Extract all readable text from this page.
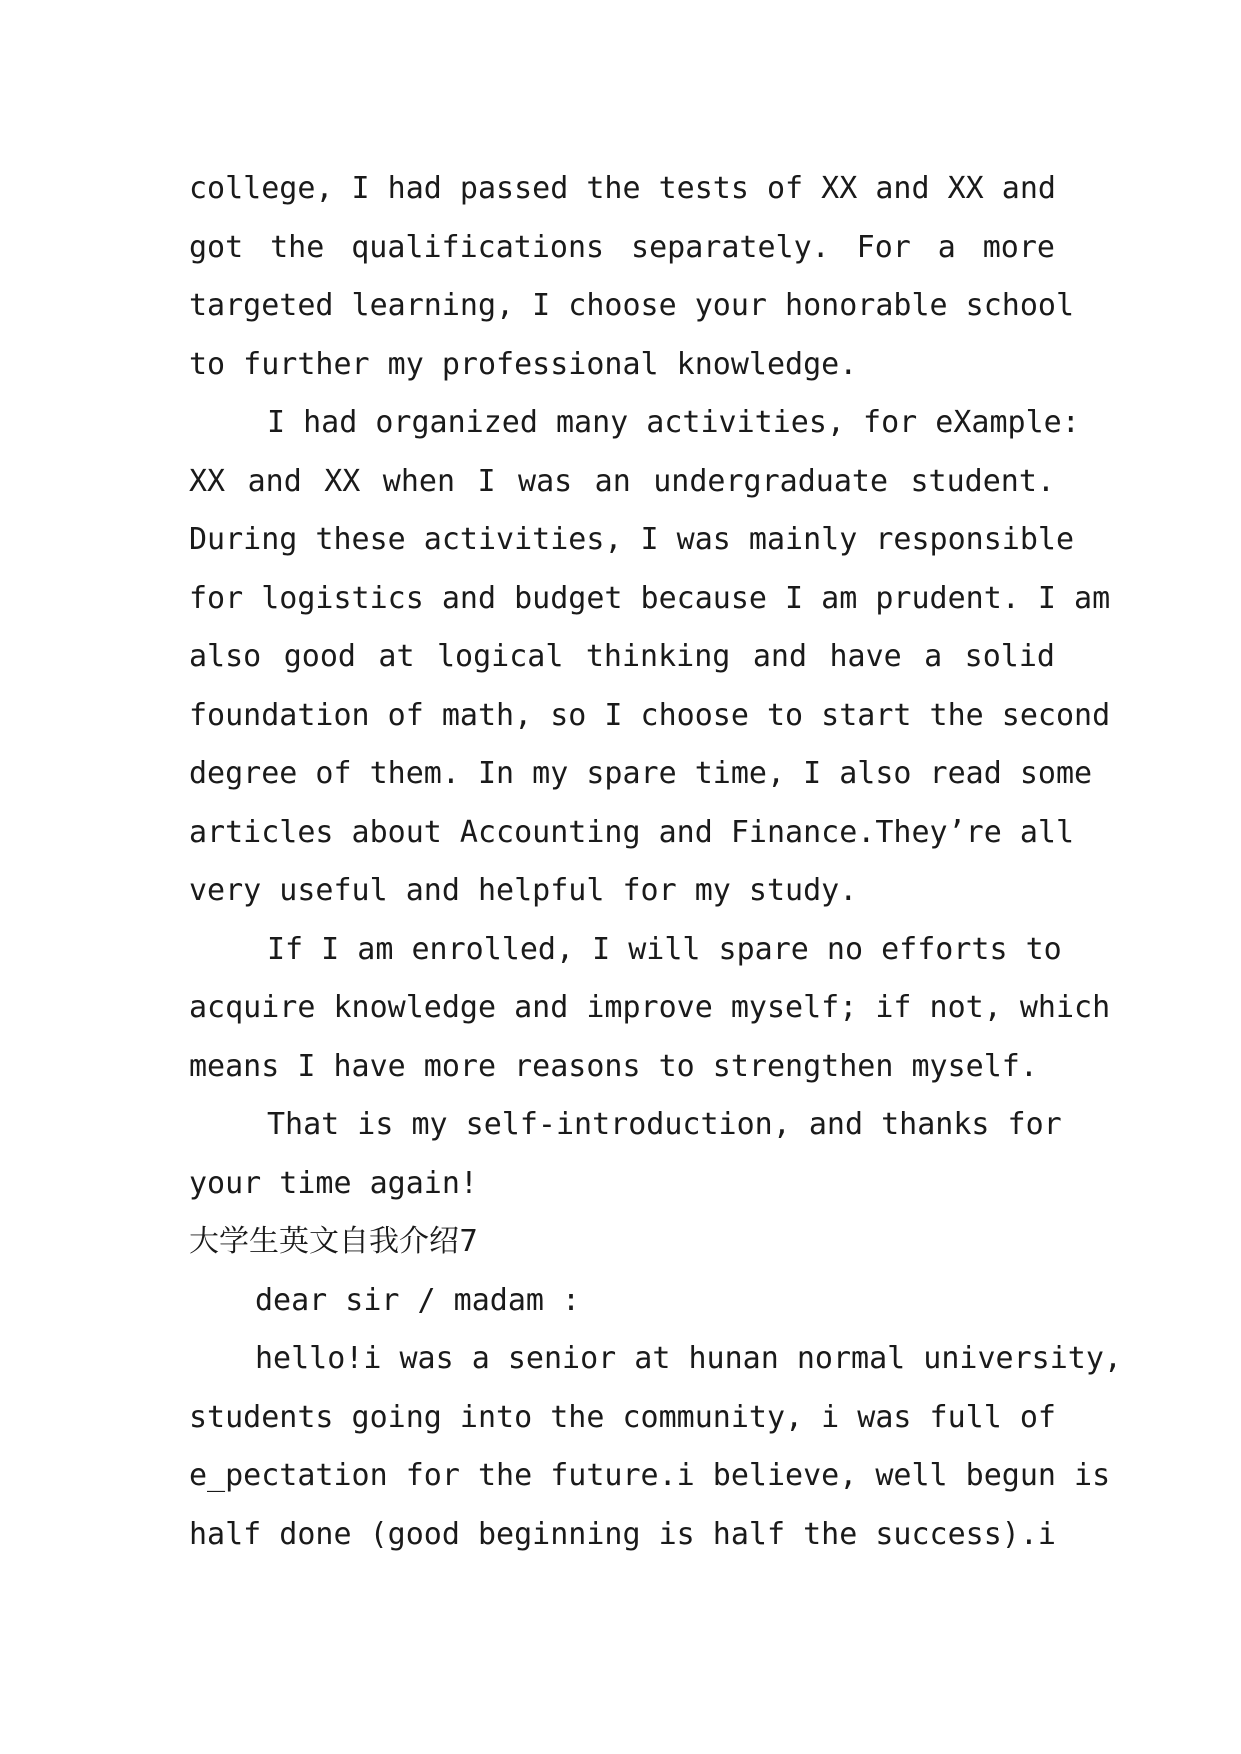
college, I had passed the tests of XX and XX and
got the qualifications separately. For a more
targeted learning, I choose your honorable school
to further my professional knowledge.
I had organized many activities, for eXample:
XX and XX when I was an undergraduate student.
During these activities, I was mainly responsible
for logistics and budget because I am prudent. I am
also good at logical thinking and have a solid
foundation of math, so I choose to start the second
degree of them. In my spare time, I also read some
articles about Accounting and Finance.They’re all
very useful and helpful for my study.
If I am enrolled, I will spare no efforts to
acquire knowledge and improve myself; if not, which
means I have more reasons to strengthen myself.
That is my self-introduction, and thanks for
your time again!
大学生英文自我介绍7
dear sir / madam :
hello!i was a senior at hunan normal university,
students going into the community, i was full of
e_pectation for the future.i believe, well begun is
half done (good beginning is half the success).i
